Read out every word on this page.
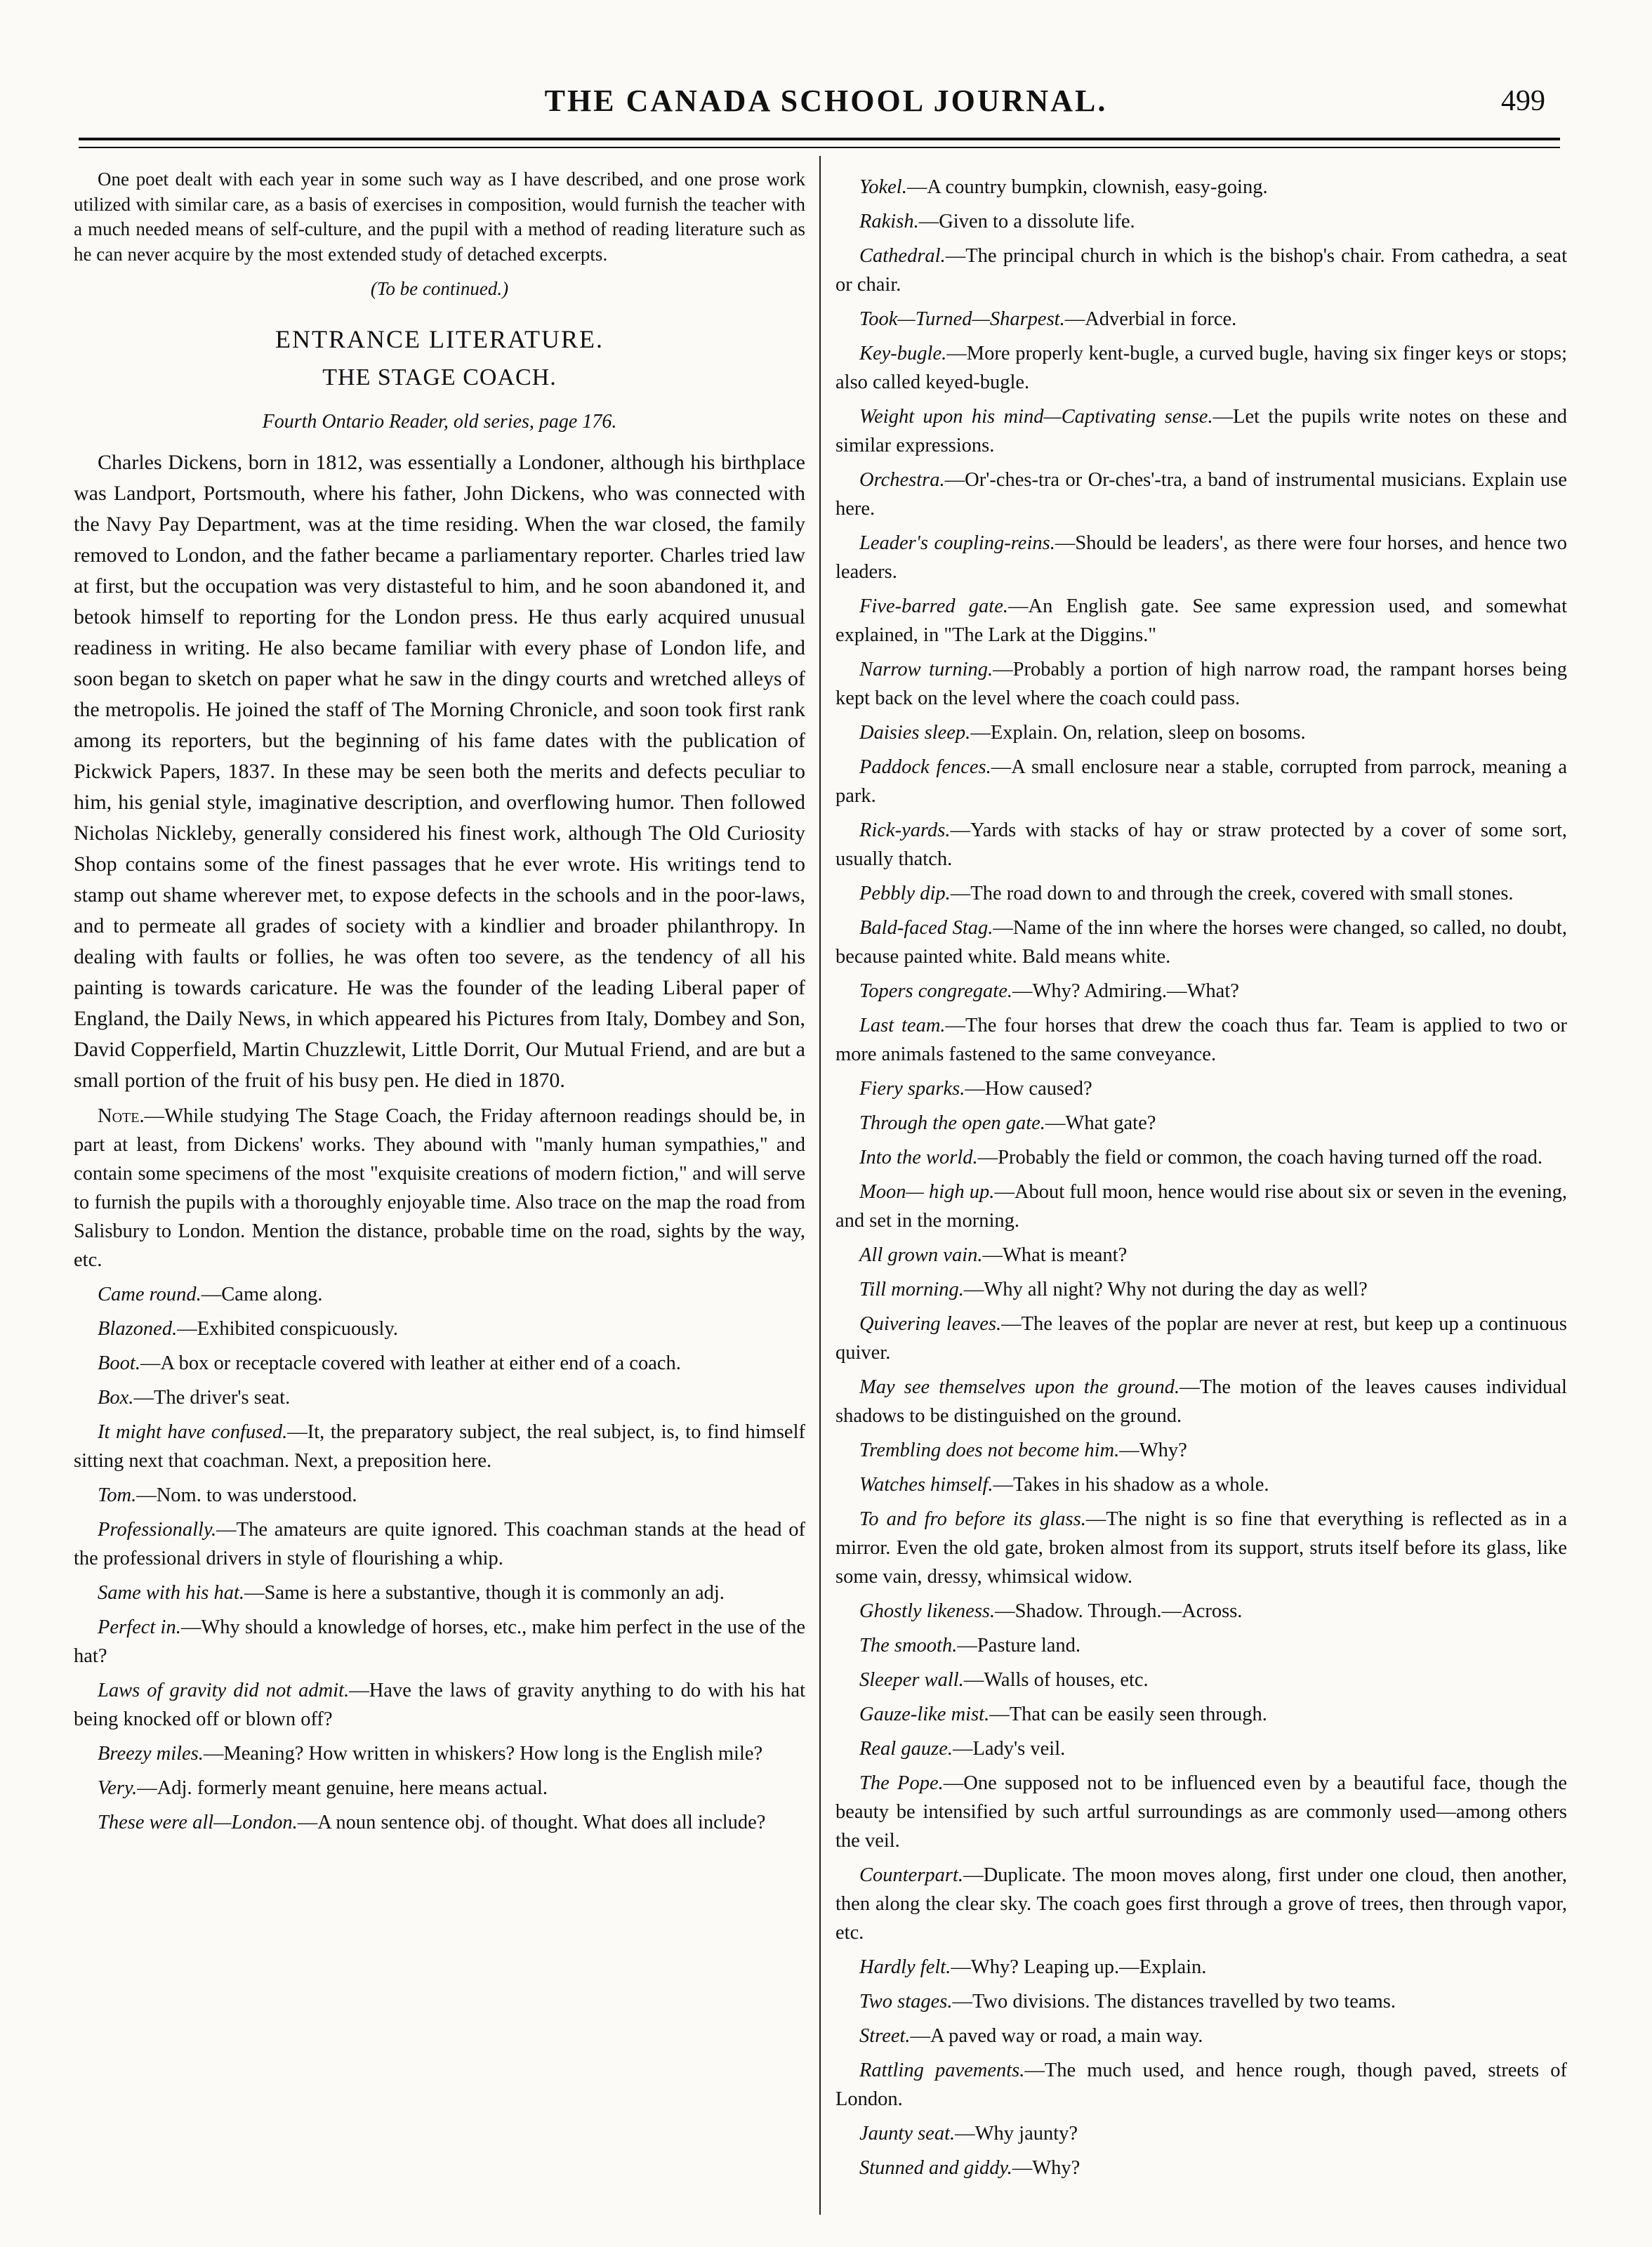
THE CANADA SCHOOL JOURNAL.	499

One poet dealt with each year in some such way as I have described, and one prose work utilized with similar care, as a basis of exercises in composition, would furnish the teacher with a much needed means of self-culture, and the pupil with a method of reading literature such as he can never acquire by the most extended study of detached excerpts.

(To be continued.)

ENTRANCE LITERATURE.

THE STAGE COACH.

Fourth Ontario Reader, old series, page 176.

Charles Dickens, born in 1812, was essentially a Londoner, although his birthplace was Landport, Portsmouth, where his father, John Dickens, who was connected with the Navy Pay Department, was at the time residing. When the war closed, the family removed to London, and the father became a parliamentary reporter. Charles tried law at first, but the occupation was very distasteful to him, and he soon abandoned it, and betook himself to reporting for the London press. He thus early acquired unusual readiness in writing. He also became familiar with every phase of London life, and soon began to sketch on paper what he saw in the dingy courts and wretched alleys of the metropolis. He joined the staff of The Morning Chronicle, and soon took first rank among its reporters, but the beginning of his fame dates with the publication of Pickwick Papers, 1837. In these may be seen both the merits and defects peculiar to him, his genial style, imaginative description, and overflowing humor. Then followed Nicholas Nickleby, generally considered his finest work, although The Old Curiosity Shop contains some of the finest passages that he ever wrote. His writings tend to stamp out shame wherever met, to expose defects in the schools and in the poor-laws, and to permeate all grades of society with a kindlier and broader philanthropy. In dealing with faults or follies, he was often too severe, as the tendency of all his painting is towards caricature. He was the founder of the leading Liberal paper of England, the Daily News, in which appeared his Pictures from Italy, Dombey and Son, David Copperfield, Martin Chuzzlewit, Little Dorrit, Our Mutual Friend, and are but a small portion of the fruit of his busy pen. He died in 1870.

Note.—While studying The Stage Coach, the Friday afternoon readings should be, in part at least, from Dickens' works. They abound with "manly human sympathies," and contain some specimens of the most "exquisite creations of modern fiction," and will serve to furnish the pupils with a thoroughly enjoyable time. Also trace on the map the road from Salisbury to London. Mention the distance, probable time on the road, sights by the way, etc.

Came round.—Came along.

Blazoned.—Exhibited conspicuously.

Boot.—A box or receptacle covered with leather at either end of a coach.

Box.—The driver's seat.

It might have confused.—It, the preparatory subject, the real subject, is, to find himself sitting next that coachman. Next, a preposition here.

Tom.—Nom. to was understood.

Professionally.—The amateurs are quite ignored. This coachman stands at the head of the professional drivers in style of flourishing a whip.

Same with his hat.—Same is here a substantive, though it is commonly an adj.

Perfect in.—Why should a knowledge of horses, etc., make him perfect in the use of the hat?

Laws of gravity did not admit.—Have the laws of gravity anything to do with his hat being knocked off or blown off?

Breezy miles.—Meaning? How written in whiskers? How long is the English mile?

Very.—Adj. formerly meant genuine, here means actual.

These were all—London.—A noun sentence obj. of thought. What does all include?

Yokel.—A country bumpkin, clownish, easy-going.

Rakish.—Given to a dissolute life.

Cathedral.—The principal church in which is the bishop's chair. From cathedra, a seat or chair.

Took—Turned—Sharpest.—Adverbial in force.

Key-bugle.—More properly kent-bugle, a curved bugle, having six finger keys or stops; also called keyed-bugle.

Weight upon his mind—Captivating sense.—Let the pupils write notes on these and similar expressions.

Orchestra.—Or'-ches-tra or Or-ches'-tra, a band of instrumental musicians. Explain use here.

Leader's coupling-reins.—Should be leaders', as there were four horses, and hence two leaders.

Five-barred gate.—An English gate. See same expression used, and somewhat explained, in "The Lark at the Diggins."

Narrow turning.—Probably a portion of high narrow road, the rampant horses being kept back on the level where the coach could pass.

Daisies sleep.—Explain. On, relation, sleep on bosoms.

Paddock fences.—A small enclosure near a stable, corrupted from parrock, meaning a park.

Rick-yards.—Yards with stacks of hay or straw protected by a cover of some sort, usually thatch.

Pebbly dip.—The road down to and through the creek, covered with small stones.

Bald-faced Stag.—Name of the inn where the horses were changed, so called, no doubt, because painted white. Bald means white.

Topers congregate.—Why? Admiring.—What?

Last team.—The four horses that drew the coach thus far. Team is applied to two or more animals fastened to the same conveyance.

Fiery sparks.—How caused?

Through the open gate.—What gate?

Into the world.—Probably the field or common, the coach having turned off the road.

Moon— high up.—About full moon, hence would rise about six or seven in the evening, and set in the morning.

All grown vain.—What is meant?

Till morning.—Why all night? Why not during the day as well?

Quivering leaves.—The leaves of the poplar are never at rest, but keep up a continuous quiver.

May see themselves upon the ground.—The motion of the leaves causes individual shadows to be distinguished on the ground.

Trembling does not become him.—Why?

Watches himself.—Takes in his shadow as a whole.

To and fro before its glass.—The night is so fine that everything is reflected as in a mirror. Even the old gate, broken almost from its support, struts itself before its glass, like some vain, dressy, whimsical widow.

Ghostly likeness.—Shadow. Through.—Across.

The smooth.—Pasture land.

Sleeper wall.—Walls of houses, etc.

Gauze-like mist.—That can be easily seen through.

Real gauze.—Lady's veil.

The Pope.—One supposed not to be influenced even by a beautiful face, though the beauty be intensified by such artful surroundings as are commonly used—among others the veil.

Counterpart.—Duplicate. The moon moves along, first under one cloud, then another, then along the clear sky. The coach goes first through a grove of trees, then through vapor, etc.

Hardly felt.—Why? Leaping up.—Explain.

Two stages.—Two divisions. The distances travelled by two teams.

Street.—A paved way or road, a main way.

Rattling pavements.—The much used, and hence rough, though paved, streets of London.

Jaunty seat.—Why jaunty?

Stunned and giddy.—Why?
